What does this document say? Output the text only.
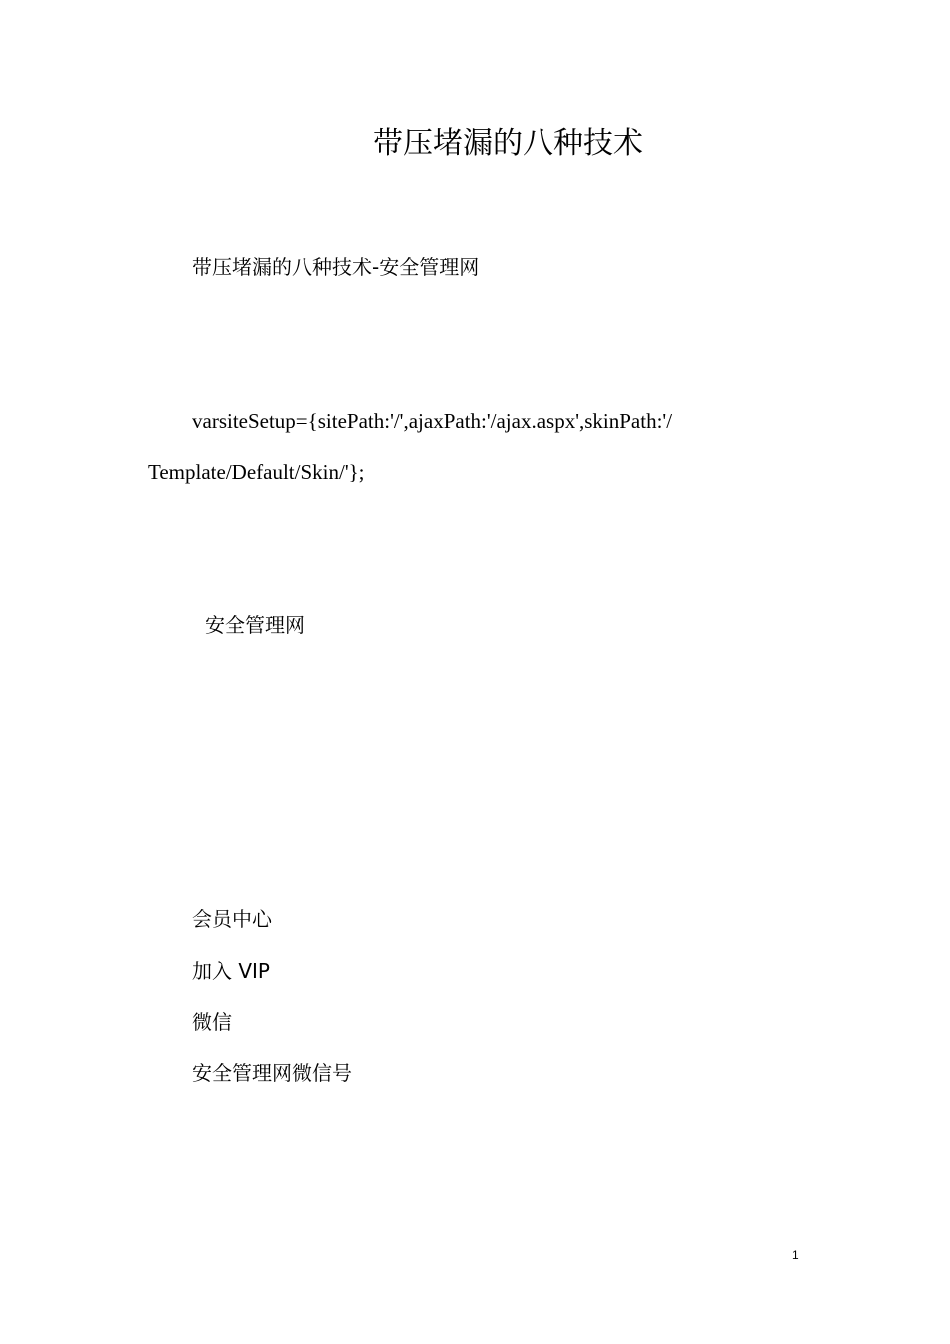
带压堵漏的八种技术
带压堵漏的八种技术-安全管理网
varsiteSetup={sitePath:'/',ajaxPath:'/ajax.aspx',skinPath:'/
Template/Default/Skin/'};
安全管理网
会员中心
加入 VIP
微信
安全管理网微信号
1
